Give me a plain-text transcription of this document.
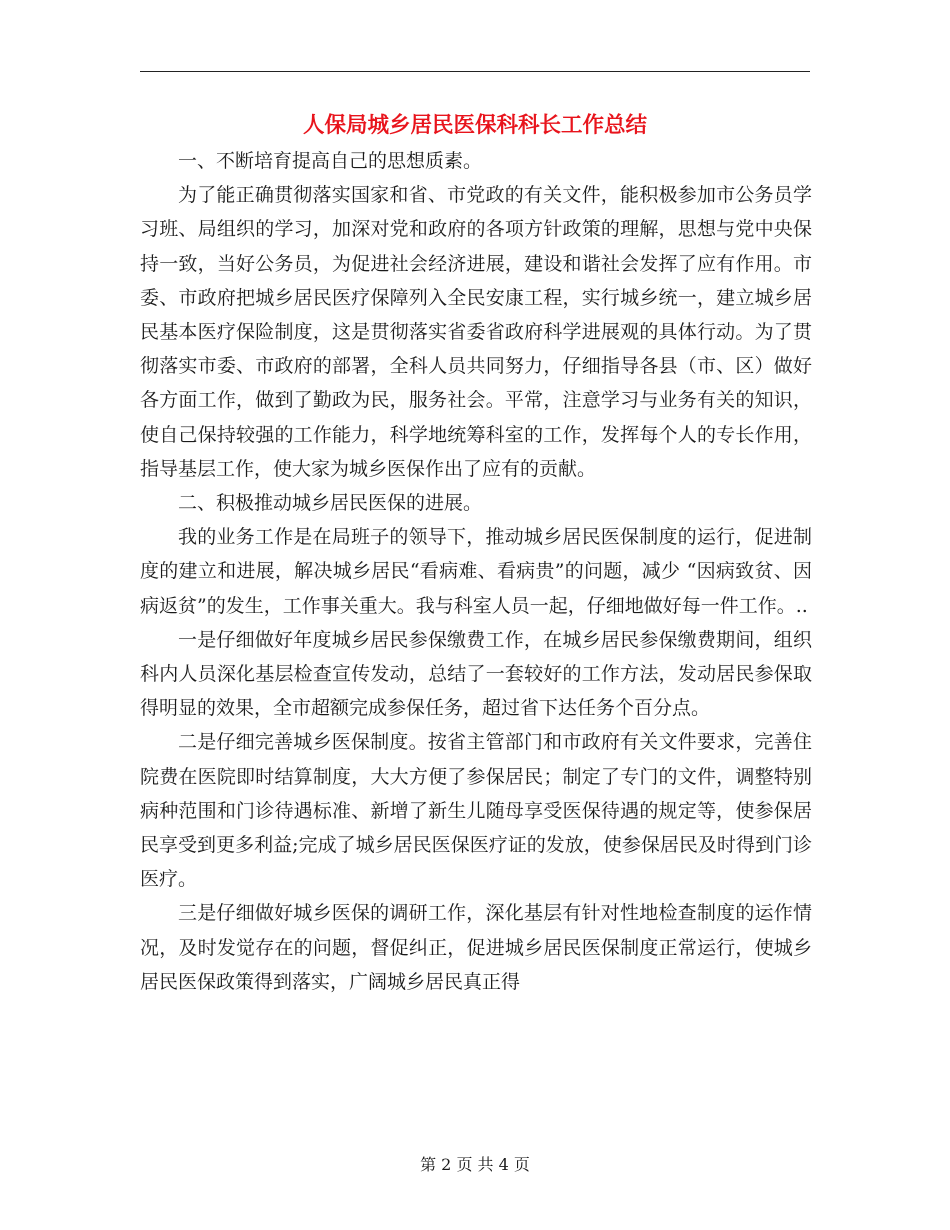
人保局城乡居民医保科科长工作总结

一、不断培育提高自己的思想质素。

为了能正确贯彻落实国家和省、市党政的有关文件，能积极参加市公务员学习班、局组织的学习，加深对党和政府的各项方针政策的理解，思想与党中央保持一致，当好公务员，为促进社会经济进展，建设和谐社会发挥了应有作用。市委、市政府把城乡居民医疗保障列入全民安康工程，实行城乡统一，建立城乡居民基本医疗保险制度，这是贯彻落实省委省政府科学进展观的具体行动。为了贯彻落实市委、市政府的部署，全科人员共同努力，仔细指导各县（市、区）做好各方面工作，做到了勤政为民，服务社会。平常，注意学习与业务有关的知识，使自己保持较强的工作能力，科学地统筹科室的工作，发挥每个人的专长作用，指导基层工作，使大家为城乡医保作出了应有的贡献。

二、积极推动城乡居民医保的进展。

我的业务工作是在局班子的领导下，推动城乡居民医保制度的运行，促进制度的建立和进展，解决城乡居民“看病难、看病贵”的问题，减少 “因病致贫、因病返贫”的发生，工作事关重大。我与科室人员一起，仔细地做好每一件工作。..

一是仔细做好年度城乡居民参保缴费工作，在城乡居民参保缴费期间，组织科内人员深化基层检查宣传发动，总结了一套较好的工作方法，发动居民参保取得明显的效果，全市超额完成参保任务，超过省下达任务个百分点。

二是仔细完善城乡医保制度。按省主管部门和市政府有关文件要求，完善住院费在医院即时结算制度，大大方便了参保居民；制定了专门的文件，调整特别病种范围和门诊待遇标准、新增了新生儿随母享受医保待遇的规定等，使参保居民享受到更多利益;完成了城乡居民医保医疗证的发放，使参保居民及时得到门诊医疗。

三是仔细做好城乡医保的调研工作，深化基层有针对性地检查制度的运作情况，及时发觉存在的问题，督促纠正，促进城乡居民医保制度正常运行，使城乡居民医保政策得到落实，广阔城乡居民真正得

第 2 页 共 4 页
